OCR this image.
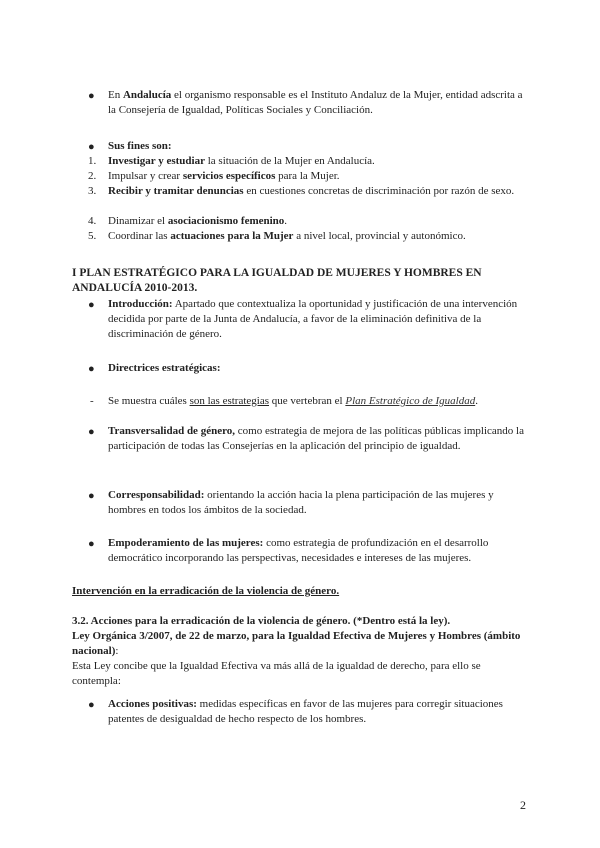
●	En Andalucía el organismo responsable es el Instituto Andaluz de la Mujer, entidad adscrita a la Consejería de Igualdad, Políticas Sociales y Conciliación.
●	Sus fines son:
1.	Investigar y estudiar la situación de la Mujer en Andalucía.
2.	Impulsar y crear servicios específicos para la Mujer.
3.	Recibir y tramitar denuncias en cuestiones concretas de discriminación por razón de sexo.
4.	Dinamizar el asociacionismo femenino.
5.	Coordinar las actuaciones para la Mujer a nivel local, provincial y autonómico.
I PLAN ESTRATÉGICO PARA LA IGUALDAD DE MUJERES Y HOMBRES EN ANDALUCÍA 2010-2013.
●	Introducción: Apartado que contextualiza la oportunidad y justificación de una intervención decidida por parte de la Junta de Andalucía, a favor de la eliminación definitiva de la discriminación de género.
●	Directrices estratégicas:
- Se muestra cuáles son las estrategias que vertebran el Plan Estratégico de Igualdad.
●	Transversalidad de género, como estrategia de mejora de las políticas públicas implicando la participación de todas las Consejerías en la aplicación del principio de igualdad.
●	Corresponsabilidad: orientando la acción hacia la plena participación de las mujeres y hombres en todos los ámbitos de la sociedad.
●	Empoderamiento de las mujeres: como estrategia de profundización en el desarrollo democrático incorporando las perspectivas, necesidades e intereses de las mujeres.
Intervención en la erradicación de la violencia de género.
3.2. Acciones para la erradicación de la violencia de género. (*Dentro está la ley).
Ley Orgánica 3/2007, de 22 de marzo, para la Igualdad Efectiva de Mujeres y Hombres (ámbito nacional):
Esta Ley concibe que la Igualdad Efectiva va más allá de la igualdad de derecho, para ello se contempla:
●	Acciones positivas: medidas específicas en favor de las mujeres para corregir situaciones patentes de desigualdad de hecho respecto de los hombres.
2
